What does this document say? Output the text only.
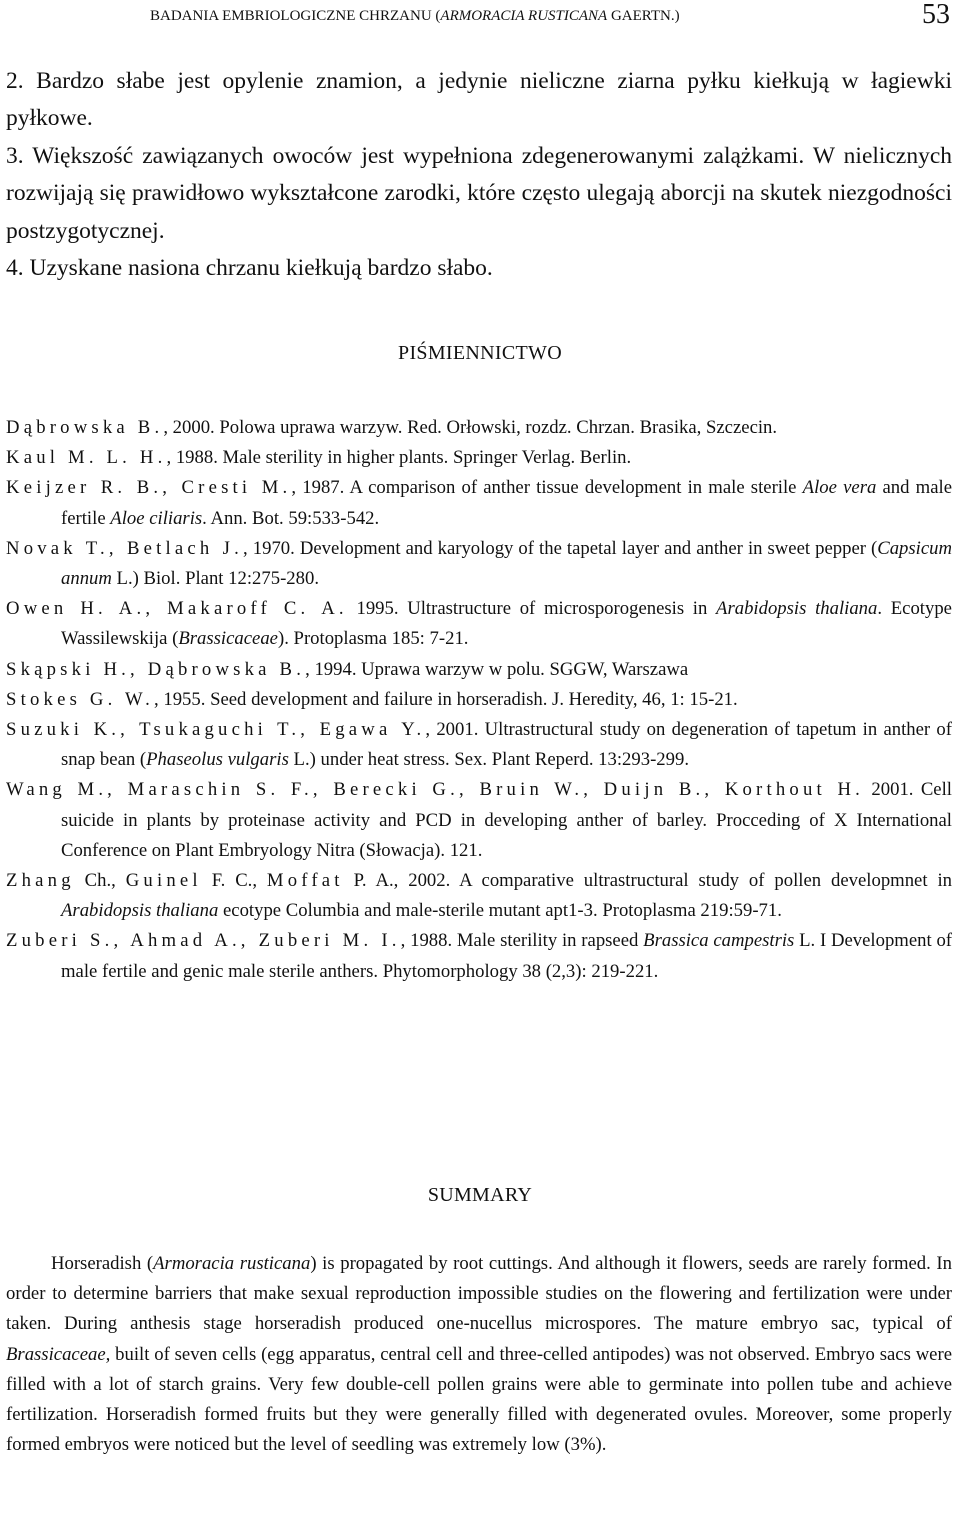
BADANIA EMBRIOLOGICZNE CHRZANU (ARMORACIA RUSTICANA GAERTN.)	53

2. Bardzo słabe jest opylenie znamion, a jedynie nieliczne ziarna pyłku kiełkują w łagiewki pyłkowe.

3. Większość zawiązanych owoców jest wypełniona zdegenerowanymi zalążkami. W nielicznych rozwijają się prawidłowo wykształcone zarodki, które często ulegają aborcji na skutek niezgodności postzygotycznej.

4. Uzyskane nasiona chrzanu kiełkują bardzo słabo.

PIŚMIENNICTWO

Dąbrowska B., 2000. Polowa uprawa warzyw. Red. Orłowski, rozdz. Chrzan. Brasika, Szczecin.

Kaul M. L. H., 1988. Male sterility in higher plants. Springer Verlag. Berlin.

Keijzer R. B., Cresti M., 1987. A comparison of anther tissue development in male sterile Aloe vera and male fertile Aloe ciliaris. Ann. Bot. 59:533-542.

Novak T., Betlach J., 1970. Development and karyology of the tapetal layer and anther in sweet pepper (Capsicum annum L.) Biol. Plant 12:275-280.

Owen H. A., Makaroff C. A. 1995. Ultrastructure of microsporogenesis in Arabidopsis thaliana. Ecotype Wassilewskija (Brassicaceae). Protoplasma 185: 7-21.

Skąpski H., Dąbrowska B., 1994. Uprawa warzyw w polu. SGGW, Warszawa

Stokes G. W., 1955. Seed development and failure in horseradish. J. Heredity, 46, 1: 15-21.

Suzuki K., Tsukaguchi T., Egawa Y., 2001. Ultrastructural study on degeneration of tapetum in anther of snap bean (Phaseolus vulgaris L.) under heat stress. Sex. Plant Reperd. 13:293-299.

Wang M., Maraschin S. F., Berecki G., Bruin W., Duijn B., Korthout H. 2001. Cell suicide in plants by proteinase activity and PCD in developing anther of barley. Procceding of X International Conference on Plant Embryology Nitra (Słowacja). 121.

Zhang Ch., Guinel F. C., Moffat P. A., 2002. A comparative ultrastructural study of pollen developmnet in Arabidopsis thaliana ecotype Columbia and male-sterile mutant apt1-3. Protoplasma 219:59-71.

Zuberi S., Ahmad A., Zuberi M. I., 1988. Male sterility in rapseed Brassica campestris L. I Development of male fertile and genic male sterile anthers. Phytomorphology 38 (2,3): 219-221.

SUMMARY

Horseradish (Armoracia rusticana) is propagated by root cuttings. And although it flowers, seeds are rarely formed. In order to determine barriers that make sexual reproduction impossible studies on the flowering and fertilization were under taken. During anthesis stage horseradish produced one-nucellus microspores. The mature embryo sac, typical of Brassicaceae, built of seven cells (egg apparatus, central cell and three-celled antipodes) was not observed. Embryo sacs were filled with a lot of starch grains. Very few double-cell pollen grains were able to germinate into pollen tube and achieve fertilization. Horseradish formed fruits but they were generally filled with degenerated ovules. Moreover, some properly formed embryos were noticed but the level of seedling was extremely low (3%).
